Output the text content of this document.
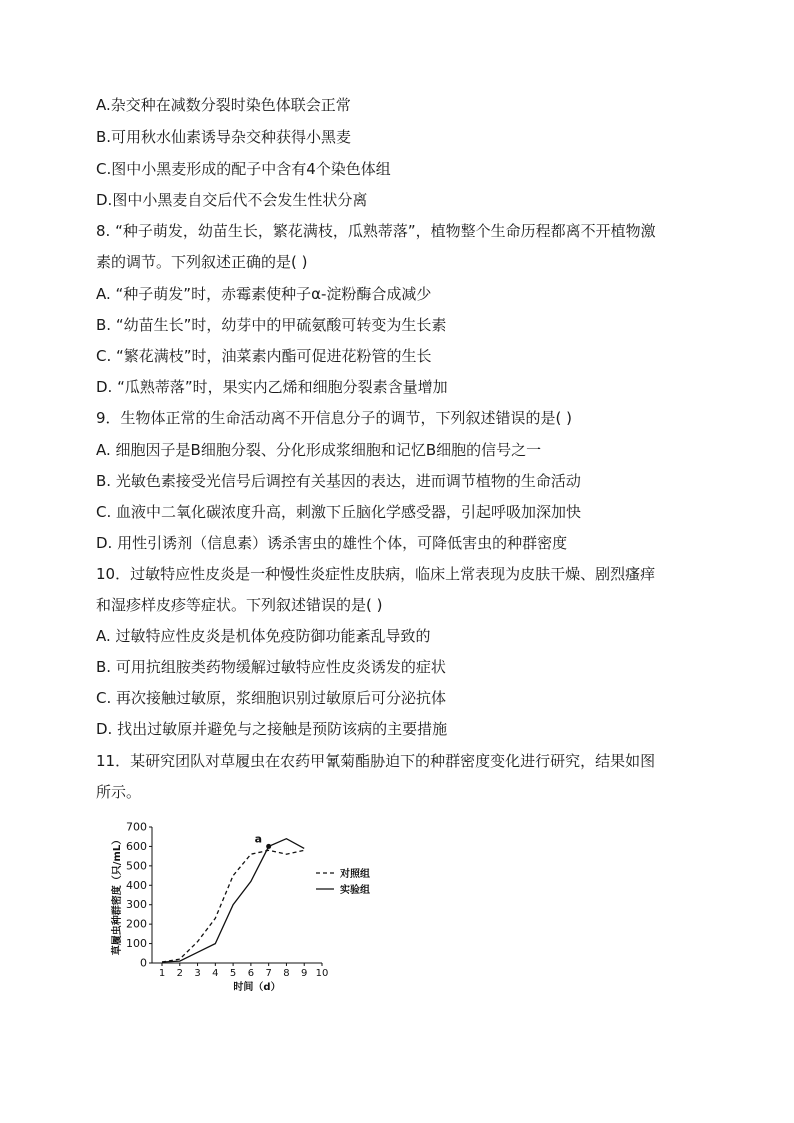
A.杂交种在减数分裂时染色体联会正常
B.可用秋水仙素诱导杂交种获得小黑麦
C.图中小黑麦形成的配子中含有4个染色体组
D.图中小黑麦自交后代不会发生性状分离
8. “种子萌发，幼苗生长，繁花满枝，瓜熟蒂落”，植物整个生命历程都离不开植物激
素的调节。下列叙述正确的是( )
A. “种子萌发”时，赤霉素使种子α-淀粉酶合成减少
B. “幼苗生长”时，幼芽中的甲硫氨酸可转变为生长素
C. “繁花满枝”时，油菜素内酯可促进花粉管的生长
D. “瓜熟蒂落”时，果实内乙烯和细胞分裂素含量增加
9．生物体正常的生命活动离不开信息分子的调节，下列叙述错误的是( )
A. 细胞因子是B细胞分裂、分化形成浆细胞和记忆B细胞的信号之一
B. 光敏色素接受光信号后调控有关基因的表达，进而调节植物的生命活动
C. 血液中二氧化碳浓度升高，刺激下丘脑化学感受器，引起呼吸加深加快
D. 用性引诱剂（信息素）诱杀害虫的雄性个体，可降低害虫的种群密度
10．过敏特应性皮炎是一种慢性炎症性皮肤病，临床上常表现为皮肤干燥、剧烈瘙痒
和湿疹样皮疹等症状。下列叙述错误的是( )
A. 过敏特应性皮炎是机体免疫防御功能紊乱导致的
B. 可用抗组胺类药物缓解过敏特应性皮炎诱发的症状
C. 再次接触过敏原，浆细胞识别过敏原后可分泌抗体
D. 找出过敏原并避免与之接触是预防该病的主要措施
11．某研究团队对草履虫在农药甲氰菊酯胁迫下的种群密度变化进行研究，结果如图
所示。
0
100
200
300
400
500
600
700
1 2 3 4 5 6 7 8 9 10
对照组
实验组
草履虫种群密度（只/mL）
时间（d）
a
